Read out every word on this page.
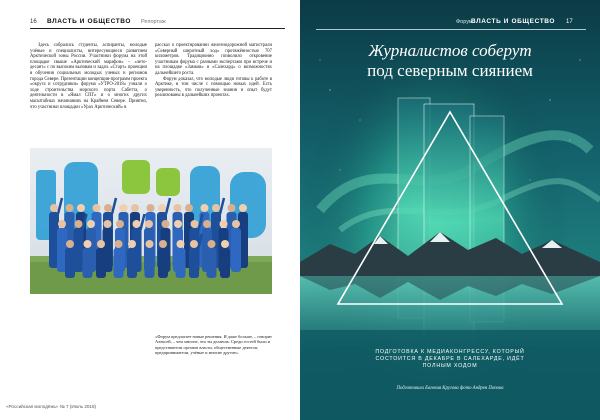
16 ВЛАСТЬ И ОБЩЕСТВО Репортаж

Здесь собрались студенты, аспиранты, молодые учёные и специалисты, интересующиеся развитием Арктической зоны России. Участники форума на этой площадке свыше «Арктический марафон» – «лето-десант» с по высоким вызовам и задач. «Старт» проекции в обучения социальных молодых ученых и регионов города Севере. Презентации концепция-программ проекта «округа и сотрудники» форума «УТРО-2018» узнали о ходе строительства морского порта Сабетта, о деятельности в «Ямал СПГ» и о многих других масштабных начинаниях на Крайнем Севере. Приятно, что участники площадки «Урал Арктический» в

рассказ о проектировании железнодорожной магистрали «Северный широтный ход» протяжённостью 707 километров. Традиционно позволило откровение участникам форума с разными экспертами при встрече и на площадке «Замков» и «Салехард» о возможностях дальнейшего роста.

Форум доказал, что молодые люди готовы к работе в Арктике, в том числе с помощью новых идей. Есть уверенность, что полученные знания и опыт будут реализованы в дальнейших проектах.

«Форум предлагает новые решения. И даже больше, – говорит Алексей, – чем многие, что ты делаешь. Среди гостей были и представители органов власти, общественные деятели, предприниматели, учёные и многие другие».
«Российская молодёжь» № 7 (Июль 2018)
Форум
ВЛАСТЬ И ОБЩЕСТВО 17
Журналистов соберут
под северным сиянием
ПОДГОТОВКА К МЕДИАКОНГРЕССУ, КОТОРЫЙ СОСТОИТСЯ В ДЕКАБРЕ В САЛЕХАРДЕ, ИДЁТ ПОЛНЫМ ХОДОМ
Подготовила Евгения Кругова фото Андрея Попова
